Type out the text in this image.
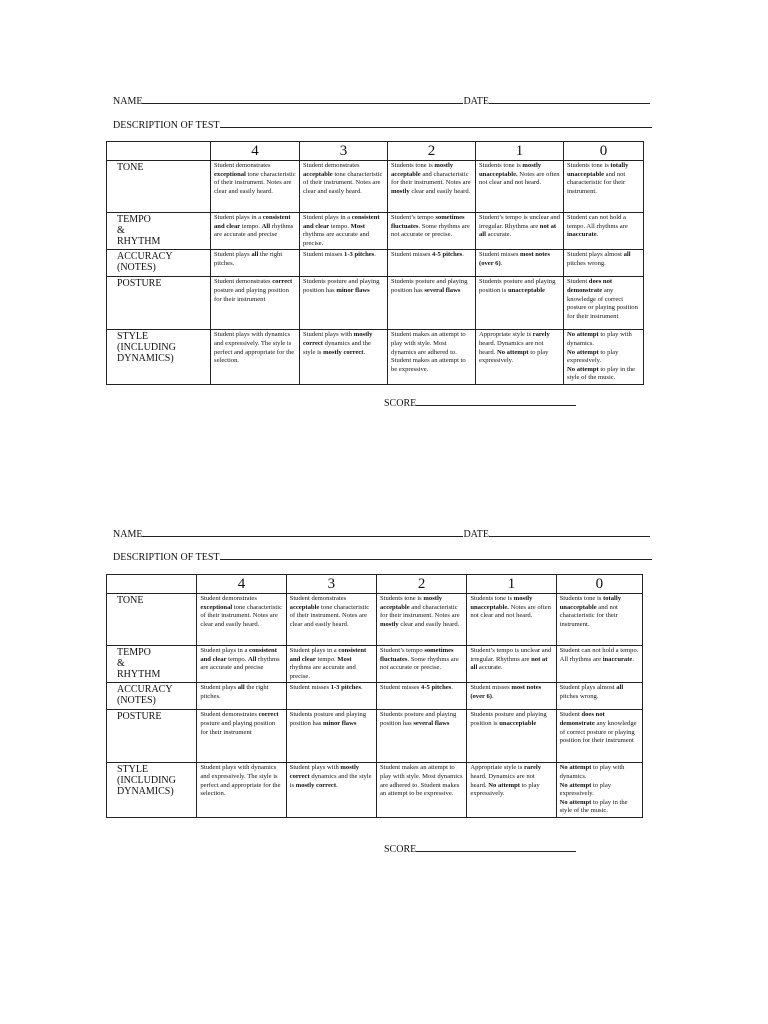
NAME	DATE
DESCRIPTION OF TEST
	4	3	2	1	0
TONE	Student demonstrates exceptional tone characteristic of their instrument. Notes are clear and easily heard.	Student demonstrates acceptable tone characteristic of their instrument. Notes are clear and easily heard.	Students tone is mostly acceptable and characteristic for their instrument. Notes are mostly clear and easily heard.	Students tone is mostly unacceptable. Notes are often not clear and not heard.	Students tone is totally unacceptable and not characteristic for their instrument.
TEMPO
&
RHYTHM	Student plays in a consistent and clear tempo. All rhythms are accurate and precise	Student plays in a consistent and clear tempo. Most rhythms are accurate and precise.	Student’s tempo sometimes fluctuates. Some rhythms are not accurate or precise.	Student’s tempo is unclear and irregular. Rhythms are not at all accurate.	Student can not hold a tempo. All rhythms are inaccurate.
ACCURACY
(NOTES)	Student plays all the right pitches.	Student misses 1-3 pitches.	Student misses 4-5 pitches.	Student misses most notes (over 6).	Student plays almost all pitches wrong.
POSTURE	Student demonstrates correct posture and playing position for their instrument	Students posture and playing position has minor flaws	Students posture and playing position has several flaws	Students posture and playing position is unacceptable	Student does not demonstrate any knowledge of correct posture or playing position for their instrument
STYLE
(INCLUDING
DYNAMICS)	Student plays with dynamics and expressively. The style is perfect and appropriate for the selection.	Student plays with mostly correct dynamics and the style is mostly correct.	Student makes an attempt to play with style. Most dynamics are adhered to. Student makes an attempt to be expressive.	Appropriate style is rarely heard. Dynamics are not heard. No attempt to play expressively.	No attempt to play with dynamics.
No attempt to play expressively.
No attempt to play in the style of the music.
SCORE
NAME	DATE
DESCRIPTION OF TEST
	4	3	2	1	0
TONE	Student demonstrates exceptional tone characteristic of their instrument. Notes are clear and easily heard.	Student demonstrates acceptable tone characteristic of their instrument. Notes are clear and easily heard.	Students tone is mostly acceptable and characteristic for their instrument. Notes are mostly clear and easily heard.	Students tone is mostly unacceptable. Notes are often not clear and not heard.	Students tone is totally unacceptable and not characteristic for their instrument.
TEMPO
&
RHYTHM	Student plays in a consistent and clear tempo. All rhythms are accurate and precise	Student plays in a consistent and clear tempo. Most rhythms are accurate and precise.	Student’s tempo sometimes fluctuates. Some rhythms are not accurate or precise.	Student’s tempo is unclear and irregular. Rhythms are not at all accurate.	Student can not hold a tempo. All rhythms are inaccurate.
ACCURACY
(NOTES)	Student plays all the right pitches.	Student misses 1-3 pitches.	Student misses 4-5 pitches.	Student misses most notes (over 6).	Student plays almost all pitches wrong.
POSTURE	Student demonstrates correct posture and playing position for their instrument	Students posture and playing position has minor flaws	Students posture and playing position has several flaws	Students posture and playing position is unacceptable	Student does not demonstrate any knowledge of correct posture or playing position for their instrument
STYLE
(INCLUDING
DYNAMICS)	Student plays with dynamics and expressively. The style is perfect and appropriate for the selection.	Student plays with mostly correct dynamics and the style is mostly correct.	Student makes an attempt to play with style. Most dynamics are adhered to. Student makes an attempt to be expressive.	Appropriate style is rarely heard. Dynamics are not heard. No attempt to play expressively.	No attempt to play with dynamics.
No attempt to play expressively.
No attempt to play in the style of the music.
SCORE
